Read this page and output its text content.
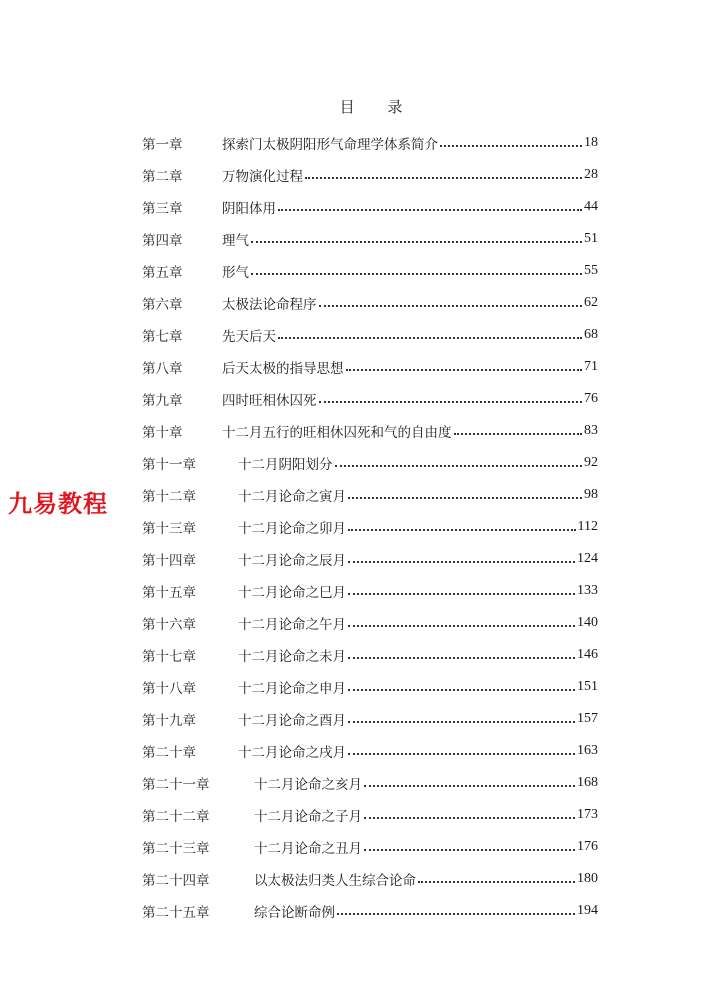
目 录
九易教程
第一章	探索门太极阴阳形气命理学体系简介	18
第二章	万物演化过程	28
第三章	阴阳体用	44
第四章	理气	51
第五章	形气	55
第六章	太极法论命程序	62
第七章	先天后天	68
第八章	后天太极的指导思想	71
第九章	四时旺相休囚死	76
第十章	十二月五行的旺相休囚死和气的自由度	83
第十一章	十二月阴阳划分	92
第十二章	十二月论命之寅月	98
第十三章	十二月论命之卯月	112
第十四章	十二月论命之辰月	124
第十五章	十二月论命之巳月	133
第十六章	十二月论命之午月	140
第十七章	十二月论命之未月	146
第十八章	十二月论命之申月	151
第十九章	十二月论命之酉月	157
第二十章	十二月论命之戌月	163
第二十一章	十二月论命之亥月	168
第二十二章	十二月论命之子月	173
第二十三章	十二月论命之丑月	176
第二十四章	以太极法归类人生综合论命	180
第二十五章	综合论断命例	194
